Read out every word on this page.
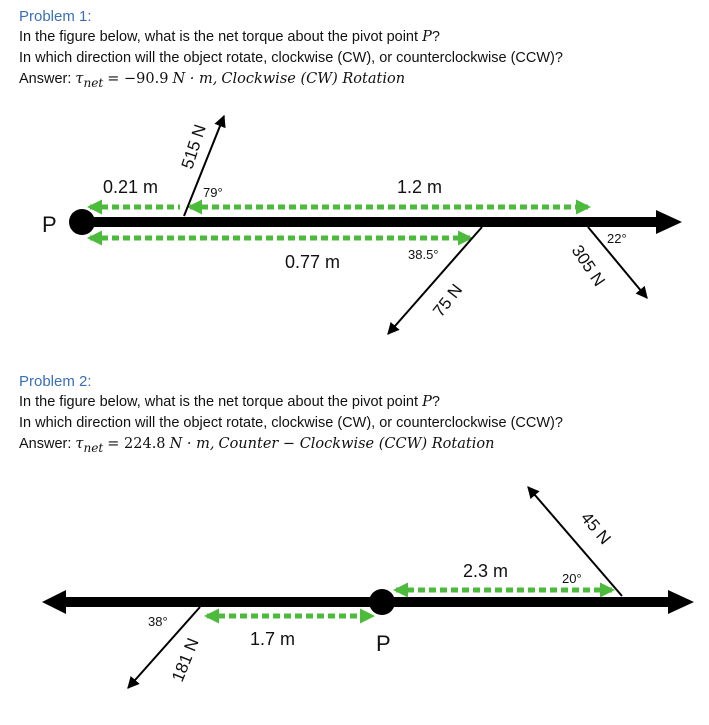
Problem 1:
In the figure below, what is the net torque about the pivot point P?
In which direction will the object rotate, clockwise (CW), or counterclockwise (CCW)?
Answer: $\tau_{net} = -90.9$ N · m, Clockwise (CW) Rotation
Problem 2:
In the figure below, what is the net torque about the pivot point P?
In which direction will the object rotate, clockwise (CW), or counterclockwise (CCW)?
Answer: $\tau_{net} = 224.8$ N · m, Counter − Clockwise (CCW) Rotation
P
0.21 m	1.2 m
0.77 m
515 N
79°
75 N
38.5°	305 N
22°
P
2.3 m
1.7 m
45 N
20°
181 N
38°
